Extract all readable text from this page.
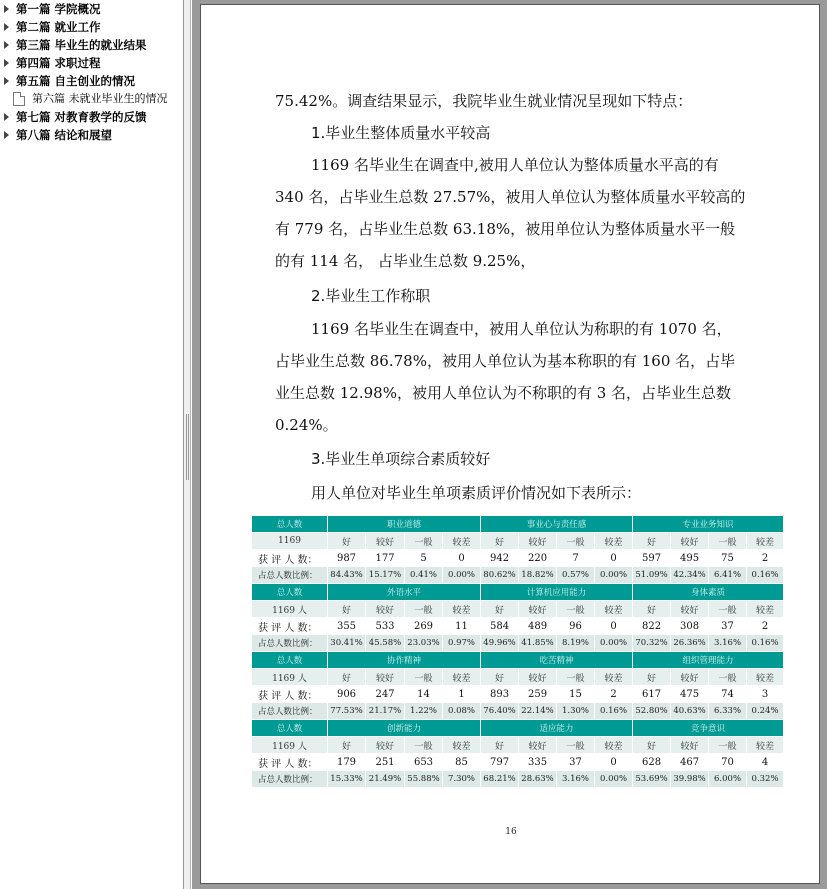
第一篇 学院概况
第二篇 就业工作
第三篇 毕业生的就业结果
第四篇 求职过程
第五篇 自主创业的情况
第六篇 未就业毕业生的情况
第七篇 对教育教学的反馈
第八篇 结论和展望
75.42%。调查结果显示，我院毕业生就业情况呈现如下特点：
1.毕业生整体质量水平较高
1169 名毕业生在调查中,被用人单位认为整体质量水平高的有
340 名，占毕业生总数 27.57%，被用人单位认为整体质量水平较高的
有 779 名，占毕业生总数 63.18%，被用单位认为整体质量水平一般
的有 114 名， 占毕业生总数 9.25%，
2.毕业生工作称职
1169 名毕业生在调查中，被用人单位认为称职的有 1070 名，
占毕业生总数 86.78%，被用人单位认为基本称职的有 160 名，占毕
业生总数 12.98%，被用人单位认为不称职的有 3 名，占毕业生总数
0.24%。
3.毕业生单项综合素质较好
用人单位对毕业生单项素质评价情况如下表所示：
总人数	职业道德				事业心与责任感				专业业务知识			
1169	好	较好	一般	较差	好	较好	一般	较差	好	较好	一般	较差
获 评 人 数：	987	177	5	0	942	220	7	0	597	495	75	2
占总人数比例：	84.43%	15.17%	0.41%	0.00%	80.62%	18.82%	0.57%	0.00%	51.09%	42.34%	6.41%	0.16%
总人数	外语水平				计算机应用能力				身体素质			
1169 人	好	较好	一般	较差	好	较好	一般	较差	好	较好	一般	较差
获 评 人 数：	355	533	269	11	584	489	96	0	822	308	37	2
占总人数比例：	30.41%	45.58%	23.03%	0.97%	49.96%	41.85%	8.19%	0.00%	70.32%	26.36%	3.16%	0.16%
总人数	协作精神				吃苦精神				组织管理能力			
1169 人	好	较好	一般	较差	好	较好	一般	较差	好	较好	一般	较差
获 评 人 数：	906	247	14	1	893	259	15	2	617	475	74	3
占总人数比例：	77.53%	21.17%	1.22%	0.08%	76.40%	22.14%	1.30%	0.16%	52.80%	40.63%	6.33%	0.24%
总人数	创新能力				适应能力				竞争意识			
1169 人	好	较好	一般	较差	好	较好	一般	较差	好	较好	一般	较差
获 评 人 数：	179	251	653	85	797	335	37	0	628	467	70	4
占总人数比例：	15.33%	21.49%	55.88%	7.30%	68.21%	28.63%	3.16%	0.00%	53.69%	39.98%	6.00%	0.32%
16
